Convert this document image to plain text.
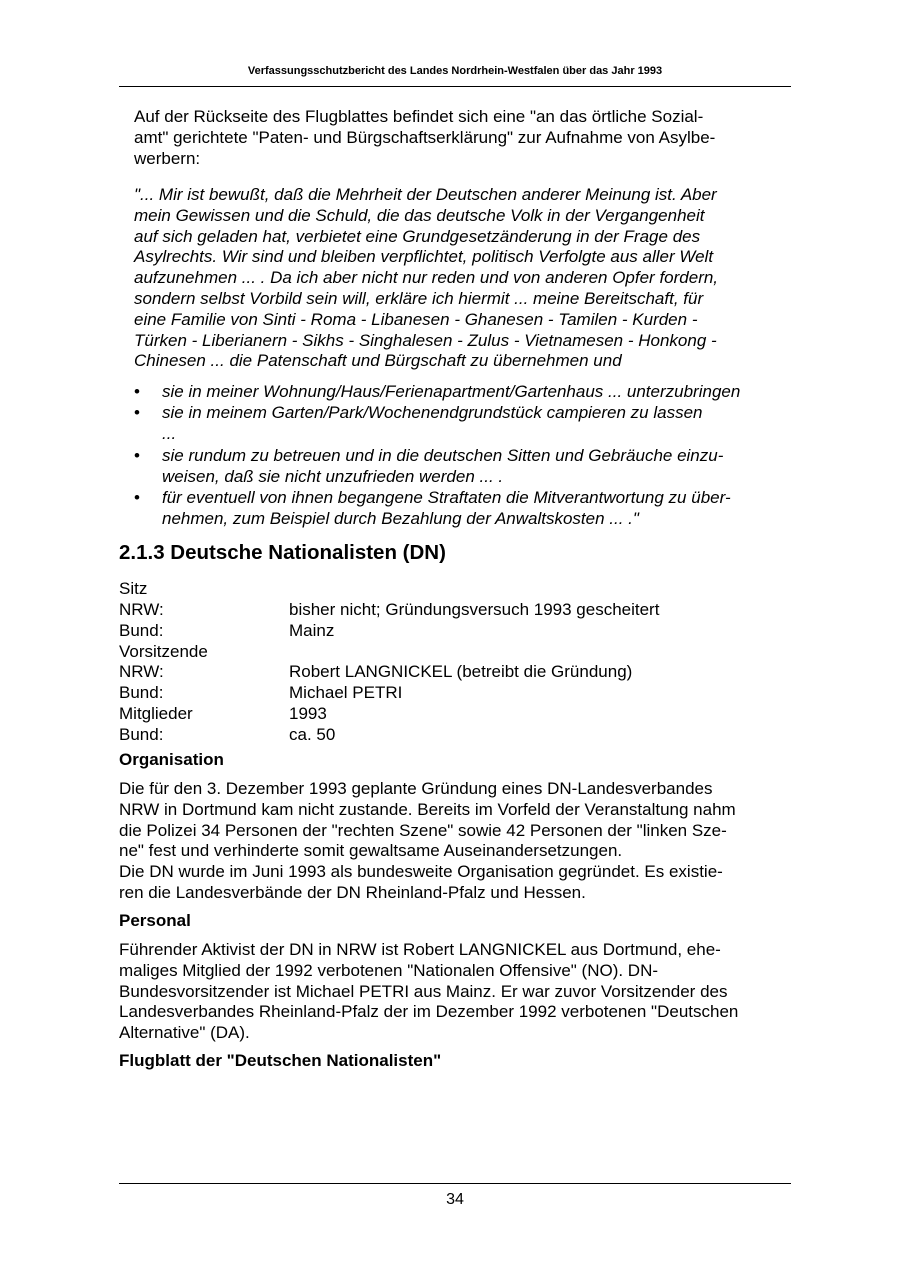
Verfassungsschutzbericht des Landes Nordrhein-Westfalen über das Jahr 1993
Auf der Rückseite des Flugblattes befindet sich eine "an das örtliche Sozial-
amt" gerichtete "Paten- und Bürgschaftserklärung" zur Aufnahme von Asylbe-
werbern:
"... Mir ist bewußt, daß die Mehrheit der Deutschen anderer Meinung ist. Aber
mein Gewissen und die Schuld, die das deutsche Volk in der Vergangenheit
auf sich geladen hat, verbietet eine Grundgesetzänderung in der Frage des
Asylrechts. Wir sind und bleiben verpflichtet, politisch Verfolgte aus aller Welt
aufzunehmen ... . Da ich aber nicht nur reden und von anderen Opfer fordern,
sondern selbst Vorbild sein will, erkläre ich hiermit ... meine Bereitschaft, für
eine Familie von Sinti - Roma - Libanesen - Ghanesen - Tamilen - Kurden -
Türken - Liberianern - Sikhs - Singhalesen - Zulus - Vietnamesen - Honkong -
Chinesen ... die Patenschaft und Bürgschaft zu übernehmen und
• sie in meiner Wohnung/Haus/Ferienapartment/Gartenhaus ... unterzubringen
• sie in meinem Garten/Park/Wochenendgrundstück campieren zu lassen
...
• sie rundum zu betreuen und in die deutschen Sitten und Gebräuche einzu-
weisen, daß sie nicht unzufrieden werden ... .
• für eventuell von ihnen begangene Straftaten die Mitverantwortung zu über-
nehmen, zum Beispiel durch Bezahlung der Anwaltskosten ... ."
2.1.3 Deutsche Nationalisten (DN)
Sitz
NRW:	bisher nicht; Gründungsversuch 1993 gescheitert
Bund:	Mainz
Vorsitzende
NRW:	Robert LANGNICKEL (betreibt die Gründung)
Bund:	Michael PETRI
Mitglieder	1993
Bund:	ca. 50
Organisation
Die für den 3. Dezember 1993 geplante Gründung eines DN-Landesverbandes
NRW in Dortmund kam nicht zustande. Bereits im Vorfeld der Veranstaltung nahm
die Polizei 34 Personen der "rechten Szene" sowie 42 Personen der "linken Sze-
ne" fest und verhinderte somit gewaltsame Auseinandersetzungen.
Die DN wurde im Juni 1993 als bundesweite Organisation gegründet. Es existie-
ren die Landesverbände der DN Rheinland-Pfalz und Hessen.
Personal
Führender Aktivist der DN in NRW ist Robert LANGNICKEL aus Dortmund, ehe-
maliges Mitglied der 1992 verbotenen "Nationalen Offensive" (NO). DN-
Bundesvorsitzender ist Michael PETRI aus Mainz. Er war zuvor Vorsitzender des
Landesverbandes Rheinland-Pfalz der im Dezember 1992 verbotenen "Deutschen
Alternative" (DA).
Flugblatt der "Deutschen Nationalisten"
34
